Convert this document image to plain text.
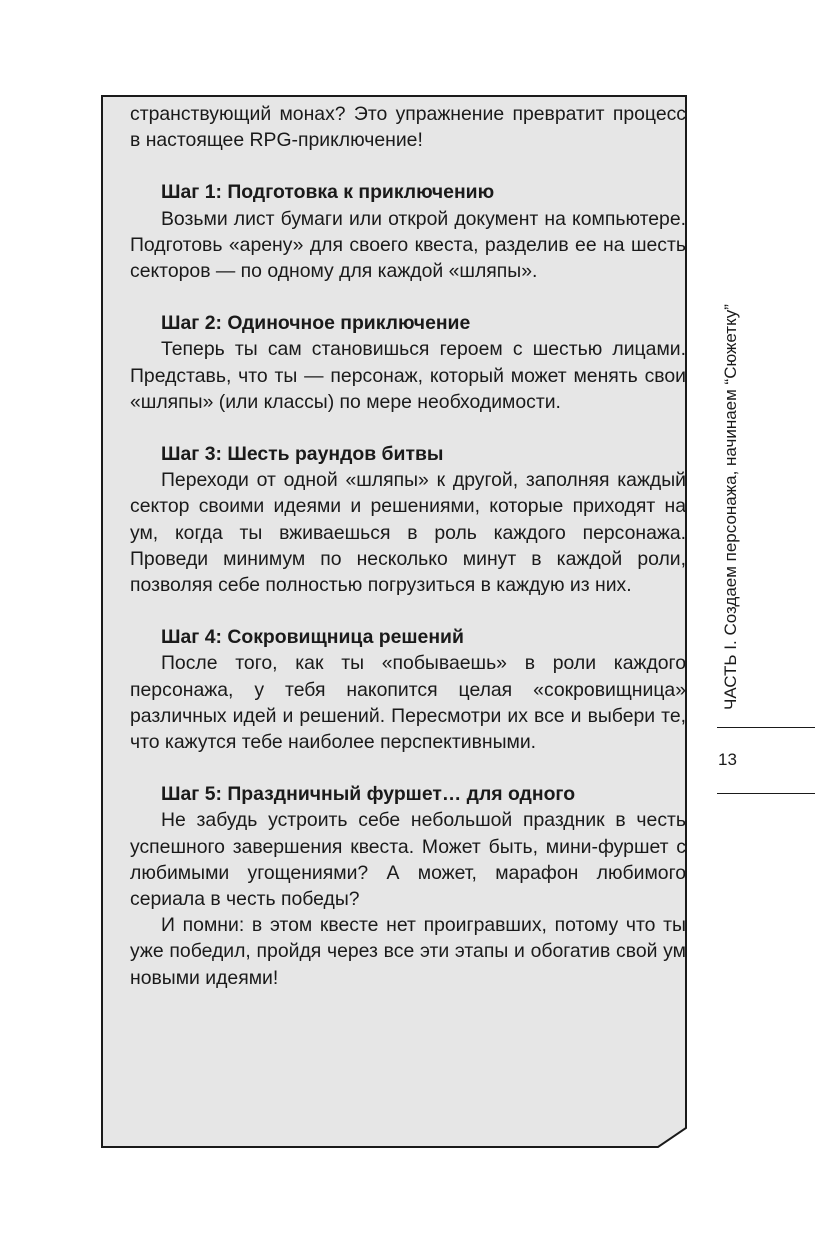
странствующий монах? Это упражнение превратит процесс в настоящее RPG-приключение!

Шаг 1: Подготовка к приключению

Возьми лист бумаги или открой документ на компьютере. Подготовь «арену» для своего квеста, разделив ее на шесть секторов — по одному для каждой «шляпы».

Шаг 2: Одиночное приключение

Теперь ты сам становишься героем с шестью лицами. Представь, что ты — персонаж, который может менять свои «шляпы» (или классы) по мере необходимости.

Шаг 3: Шесть раундов битвы

Переходи от одной «шляпы» к другой, заполняя каждый сектор своими идеями и решениями, которые приходят на ум, когда ты вживаешься в роль каждого персонажа. Проведи минимум по несколько минут в каждой роли, позволяя себе полностью погрузиться в каждую из них.

Шаг 4: Сокровищница решений

После того, как ты «побываешь» в роли каждого персонажа, у тебя накопится целая «сокровищница» различных идей и решений. Пересмотри их все и выбери те, что кажутся тебе наиболее перспективными.

Шаг 5: Праздничный фуршет… для одного

Не забудь устроить себе небольшой праздник в честь успешного завершения квеста. Может быть, мини-фуршет с любимыми угощениями? А может, марафон любимого сериала в честь победы?

И помни: в этом квесте нет проигравших, потому что ты уже победил, пройдя через все эти этапы и обогатив свой ум новыми идеями!

ЧАСТЬ I. Создаем персонажа, начинаем “Сюжетку”
13
